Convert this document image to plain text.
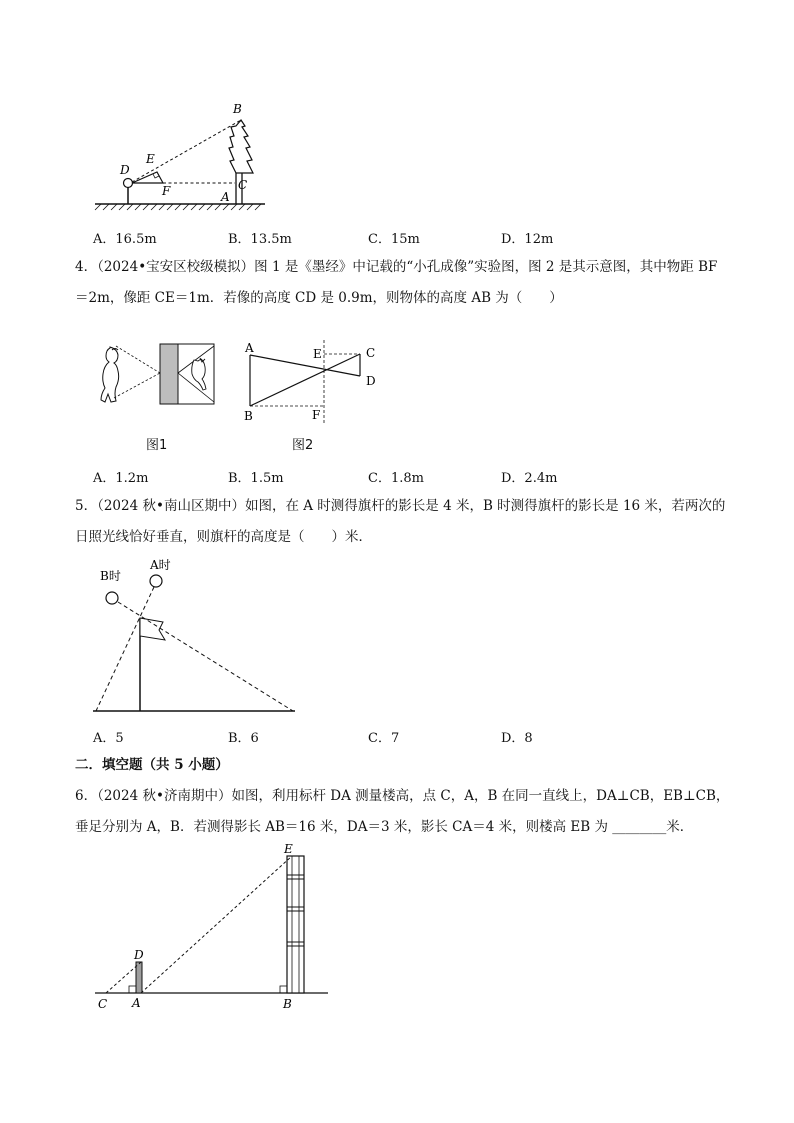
B
D
E
F	C
A
A．16.5m	B．13.5m	C．15m	D．12m
4．（2024•宝安区校级模拟）图 1 是《墨经》中记载的“小孔成像”实验图，图 2 是其示意图，其中物距 BF
＝2m，像距 CE＝1m．若像的高度 CD 是 0.9m，则物体的高度 AB 为（　　）
图1
A
B
E	C
D
F
图2
A．1.2m	B．1.5m	C．1.8m	D．2.4m
5．（2024 秋•南山区期中）如图，在 A 时测得旗杆的影长是 4 米，B 时测得旗杆的影长是 16 米，若两次的
日照光线恰好垂直，则旗杆的高度是（　　）米．
B时
A时
A．5	B．6	C．7	D．8
二．填空题（共 5 小题）
6．（2024 秋•济南期中）如图，利用标杆 DA 测量楼高，点 C，A，B 在同一直线上，DA⊥CB，EB⊥CB，
垂足分别为 A，B．若测得影长 AB＝16 米，DA＝3 米，影长 CA＝4 米，则楼高 EB 为 ________米．
E
D
C A	B
